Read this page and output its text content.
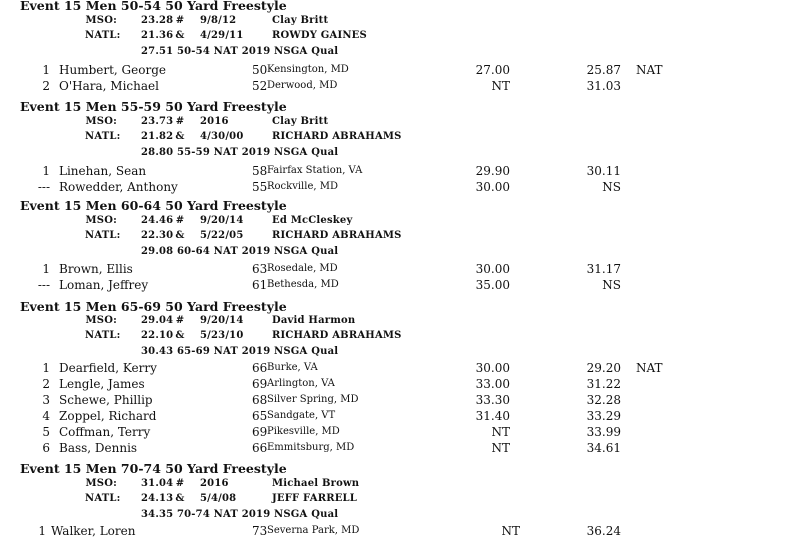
Event 15 Men 50-54 50 Yard Freestyle
MSO: 23.28 # 9/8/12	Clay Britt
NATL: 21.36 & 4/29/11	ROWDY GAINES
27.51 50-54 NAT 2019 NSGA Qual
1 Humbert, George	50 Kensington, MD	27.00	25.87 NAT
2 O'Hara, Michael	52 Derwood, MD	NT	31.03
Event 15 Men 55-59 50 Yard Freestyle
MSO: 23.73 # 2016	Clay Britt
NATL: 21.82 & 4/30/00	RICHARD ABRAHAMS
28.80 55-59 NAT 2019 NSGA Qual
1 Linehan, Sean	58 Fairfax Station, VA	29.90	30.11
--- Rowedder, Anthony	55 Rockville, MD	30.00	NS
Event 15 Men 60-64 50 Yard Freestyle
MSO: 24.46 # 9/20/14	Ed McCleskey
NATL: 22.30 & 5/22/05	RICHARD ABRAHAMS
29.08 60-64 NAT 2019 NSGA Qual
1 Brown, Ellis	63 Rosedale, MD	30.00	31.17
--- Loman, Jeffrey	61 Bethesda, MD	35.00	NS
Event 15 Men 65-69 50 Yard Freestyle
MSO: 29.04 # 9/20/14	David Harmon
NATL: 22.10 & 5/23/10	RICHARD ABRAHAMS
30.43 65-69 NAT 2019 NSGA Qual
1 Dearfield, Kerry	66 Burke, VA	30.00	29.20 NAT
2 Lengle, James	69 Arlington, VA	33.00	31.22
3 Schewe, Phillip	68 Silver Spring, MD	33.30	32.28
4 Zoppel, Richard	65 Sandgate, VT	31.40	33.29
5 Coffman, Terry	69 Pikesville, MD	NT	33.99
6 Bass, Dennis	66 Emmitsburg, MD	NT	34.61
Event 15 Men 70-74 50 Yard Freestyle
MSO: 31.04 # 2016	Michael Brown
NATL: 24.13 & 5/4/08	JEFF FARRELL
34.35 70-74 NAT 2019 NSGA Qual
1 Walker, Loren	73 Severna Park, MD	NT	36.24
